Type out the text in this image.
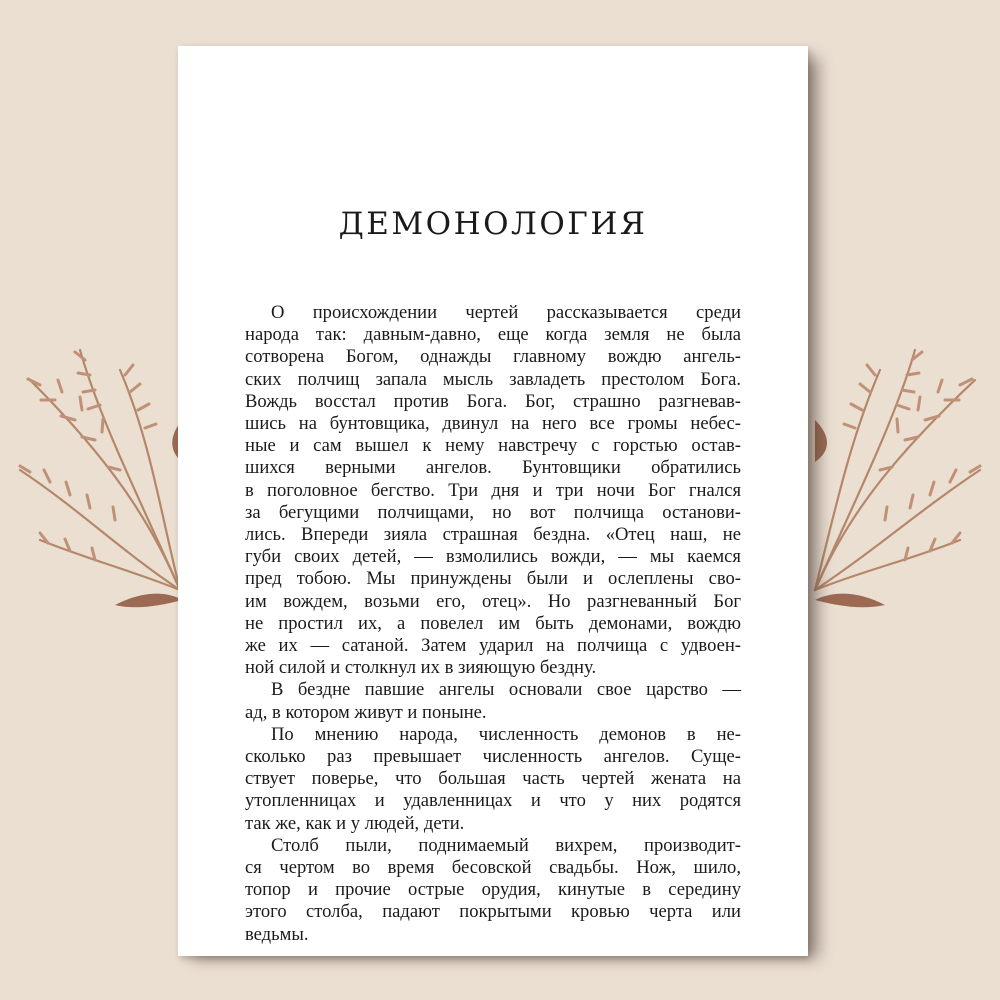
ДЕМОНОЛОГИЯ
О происхождении чертей рассказывается среди
народа так: давным-давно, еще когда земля не была
сотворена Богом, однажды главному вождю ангель-
ских полчищ запала мысль завладеть престолом Бога.
Вождь восстал против Бога. Бог, страшно разгневав-
шись на бунтовщика, двинул на него все громы небес-
ные и сам вышел к нему навстречу с горстью остав-
шихся верными ангелов. Бунтовщики обратились
в поголовное бегство. Три дня и три ночи Бог гнался
за бегущими полчищами, но вот полчища останови-
лись. Впереди зияла страшная бездна. «Отец наш, не
губи своих детей, — взмолились вожди, — мы каемся
пред тобою. Мы принуждены были и ослеплены сво-
им вождем, возьми его, отец». Но разгневанный Бог
не простил их, а повелел им быть демонами, вождю
же их — сатаной. Затем ударил на полчища с удвоен-
ной силой и столкнул их в зияющую бездну.
В бездне павшие ангелы основали свое царство —
ад, в котором живут и поныне.
По мнению народа, численность демонов в не-
сколько раз превышает численность ангелов. Суще-
ствует поверье, что большая часть чертей жената на
утопленницах и удавленницах и что у них родятся
так же, как и у людей, дети.
Столб пыли, поднимаемый вихрем, производит-
ся чертом во время бесовской свадьбы. Нож, шило,
топор и прочие острые орудия, кинутые в середину
этого столба, падают покрытыми кровью черта или
ведьмы.
